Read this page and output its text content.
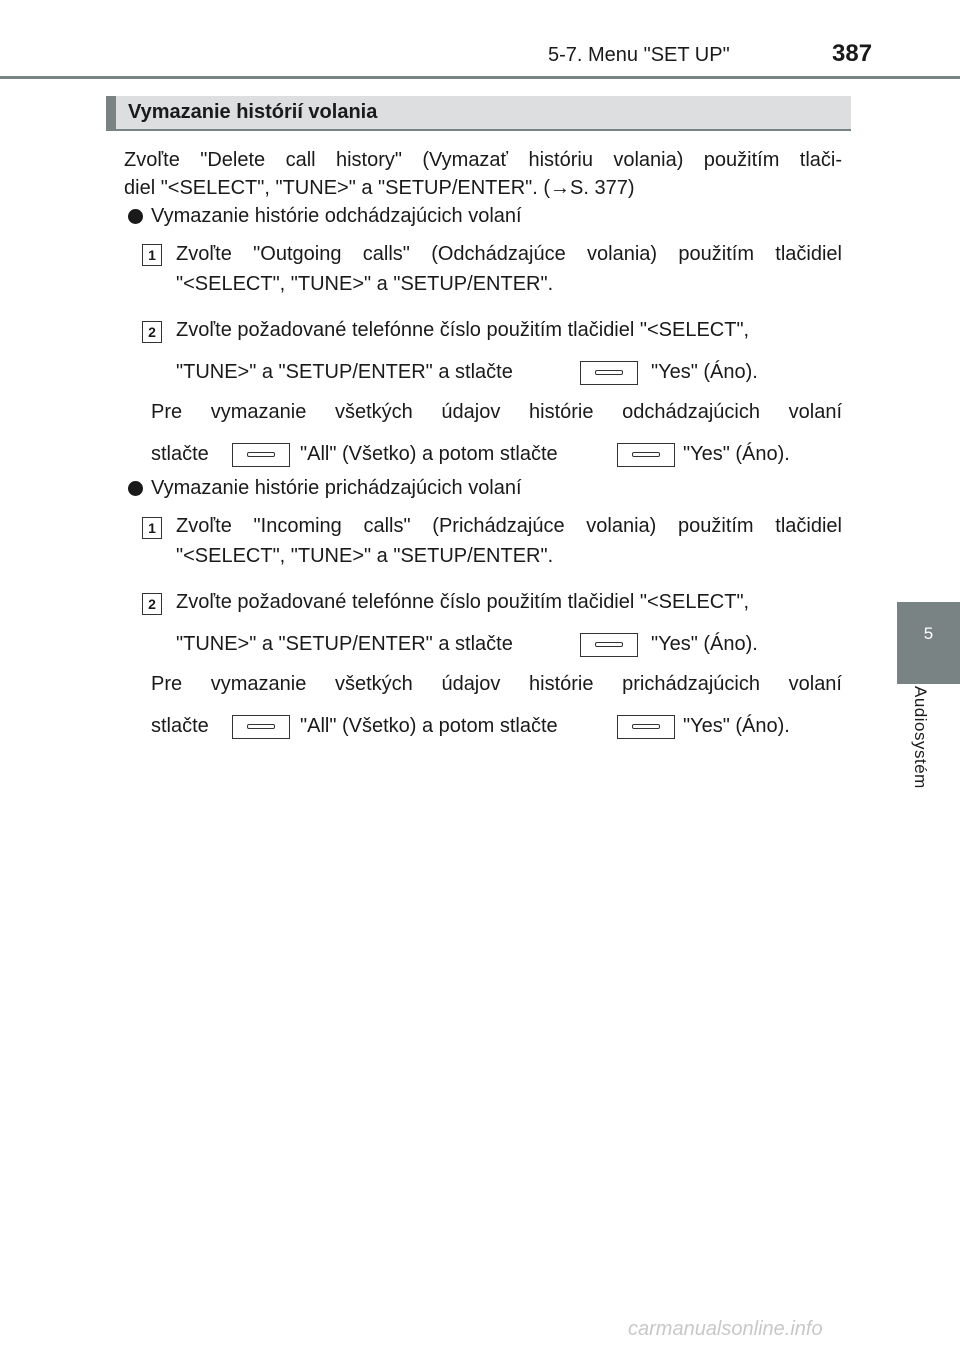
5-7. Menu "SET UP"	387
5
Audiosystém
Vymazanie histórií volania
Zvoľte "Delete call history" (Vymazať históriu volania) použitím tlači-
diel "<SELECT", "TUNE>" a "SETUP/ENTER". (→S. 377)
Vymazanie histórie odchádzajúcich volaní
1	Zvoľte "Outgoing calls" (Odchádzajúce volania) použitím tlačidiel
"<SELECT", "TUNE>" a "SETUP/ENTER".
2	Zvoľte požadované telefónne číslo použitím tlačidiel "<SELECT",
"TUNE>" a "SETUP/ENTER" a stlačte	"Yes" (Áno).
Pre vymazanie všetkých údajov histórie odchádzajúcich volaní
stlačte	"All" (Všetko) a potom stlačte	"Yes" (Áno).
Vymazanie histórie prichádzajúcich volaní
1	Zvoľte "Incoming calls" (Prichádzajúce volania) použitím tlačidiel
"<SELECT", "TUNE>" a "SETUP/ENTER".
2	Zvoľte požadované telefónne číslo použitím tlačidiel "<SELECT",
"TUNE>" a "SETUP/ENTER" a stlačte	"Yes" (Áno).
Pre vymazanie všetkých údajov histórie prichádzajúcich volaní
stlačte	"All" (Všetko) a potom stlačte	"Yes" (Áno).
carmanualsonline.info
